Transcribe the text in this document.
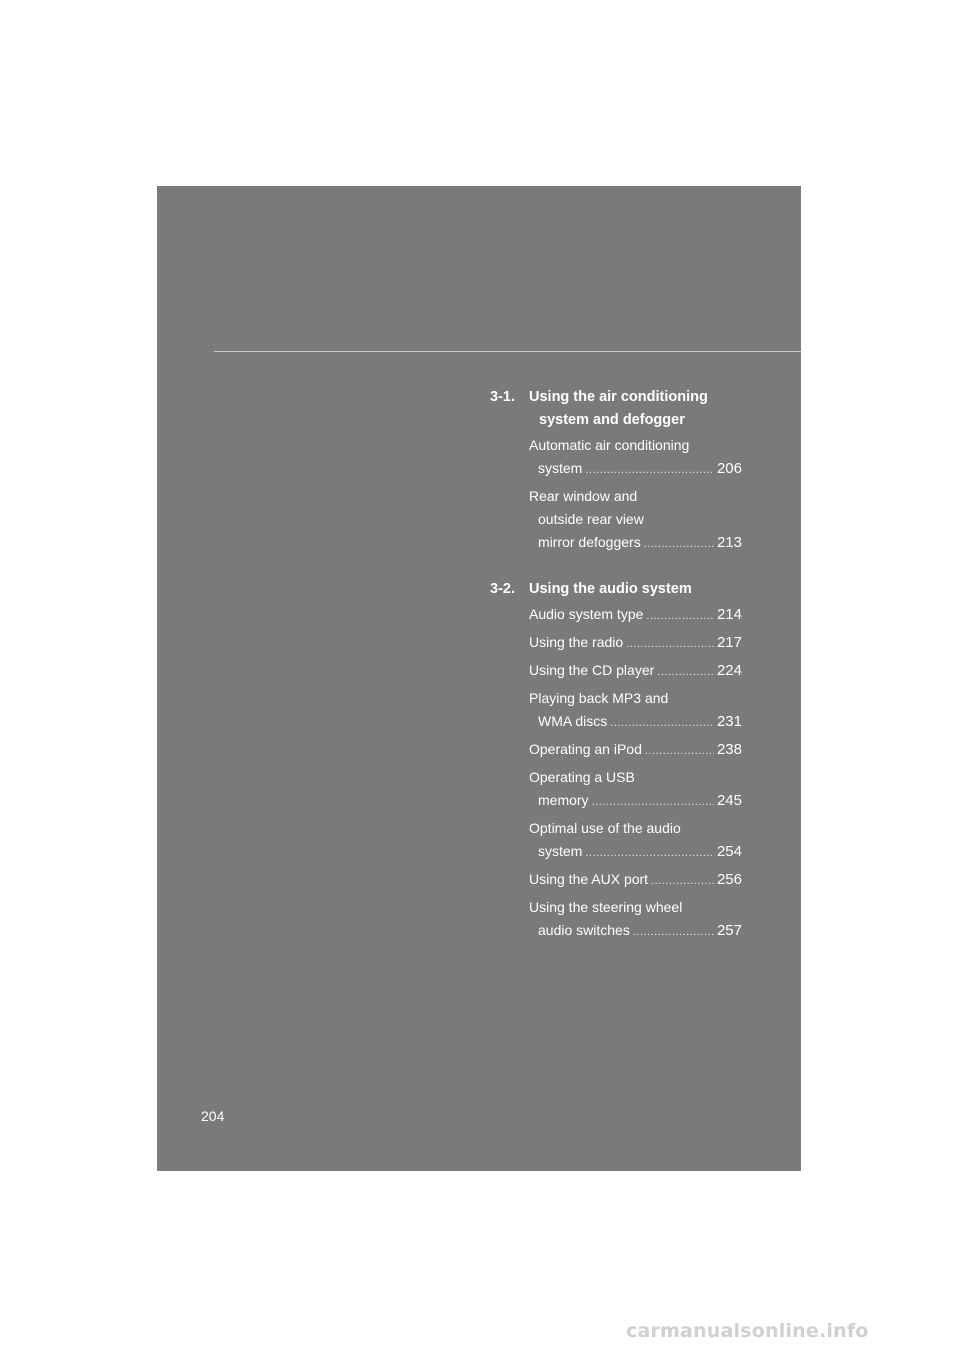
3-1. Using the air conditioning
system and defogger
Automatic air conditioning
system .....	206
Rear window and
outside rear view
mirror defoggers .....	213
3-2. Using the audio system
Audio system type .....	214
Using the radio .....	217
Using the CD player .....	224
Playing back MP3 and
WMA discs .....	231
Operating an iPod .....	238
Operating a USB
memory .....	245
Optimal use of the audio
system .....	254
Using the AUX port .....	256
Using the steering wheel
audio switches .....	257
204
carmanualsonline.info
